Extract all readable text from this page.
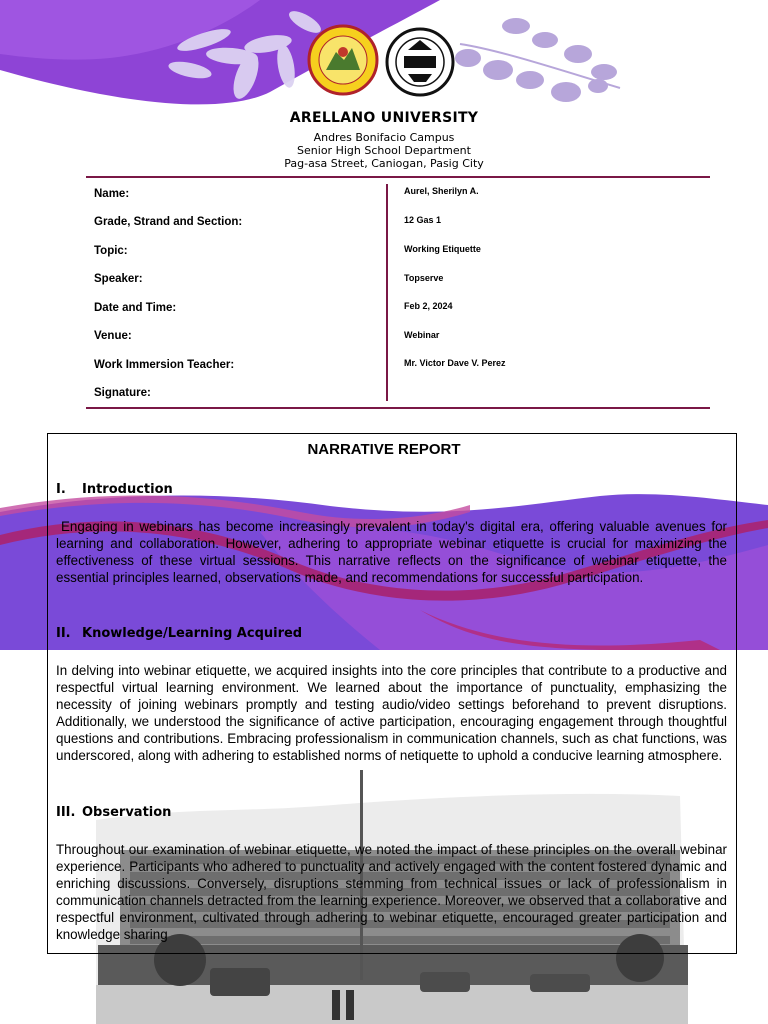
ARELLANO UNIVERSITY
Andres Bonifacio Campus
Senior High School Department
Pag-asa Street, Caniogan, Pasig City
Name:	Aurel, Sherilyn A.
Grade, Strand and Section:	12 Gas 1
Topic:	Working Etiquette
Speaker:	Topserve
Date and Time:	Feb 2, 2024
Venue:	Webinar
Work Immersion Teacher:	Mr. Victor Dave V. Perez
Signature:
NARRATIVE REPORT
I. Introduction

Engaging in webinars has become increasingly prevalent in today's digital era, offering valuable avenues for learning and collaboration. However, adhering to appropriate webinar etiquette is crucial for maximizing the effectiveness of these virtual sessions. This narrative reflects on the significance of webinar etiquette, the essential principles learned, observations made, and recommendations for successful participation.

II. Knowledge/Learning Acquired

In delving into webinar etiquette, we acquired insights into the core principles that contribute to a productive and respectful virtual learning environment. We learned about the importance of punctuality, emphasizing the necessity of joining webinars promptly and testing audio/video settings beforehand to prevent disruptions. Additionally, we understood the significance of active participation, encouraging engagement through thoughtful questions and contributions. Embracing professionalism in communication channels, such as chat functions, was underscored, along with adhering to established norms of netiquette to uphold a conducive learning atmosphere.

III. Observation

Throughout our examination of webinar etiquette, we noted the impact of these principles on the overall webinar experience. Participants who adhered to punctuality and actively engaged with the content fostered dynamic and enriching discussions. Conversely, disruptions stemming from technical issues or lack of professionalism in communication channels detracted from the learning experience. Moreover, we observed that a collaborative and respectful environment, cultivated through adhering to webinar etiquette, encouraged greater participation and knowledge sharing
